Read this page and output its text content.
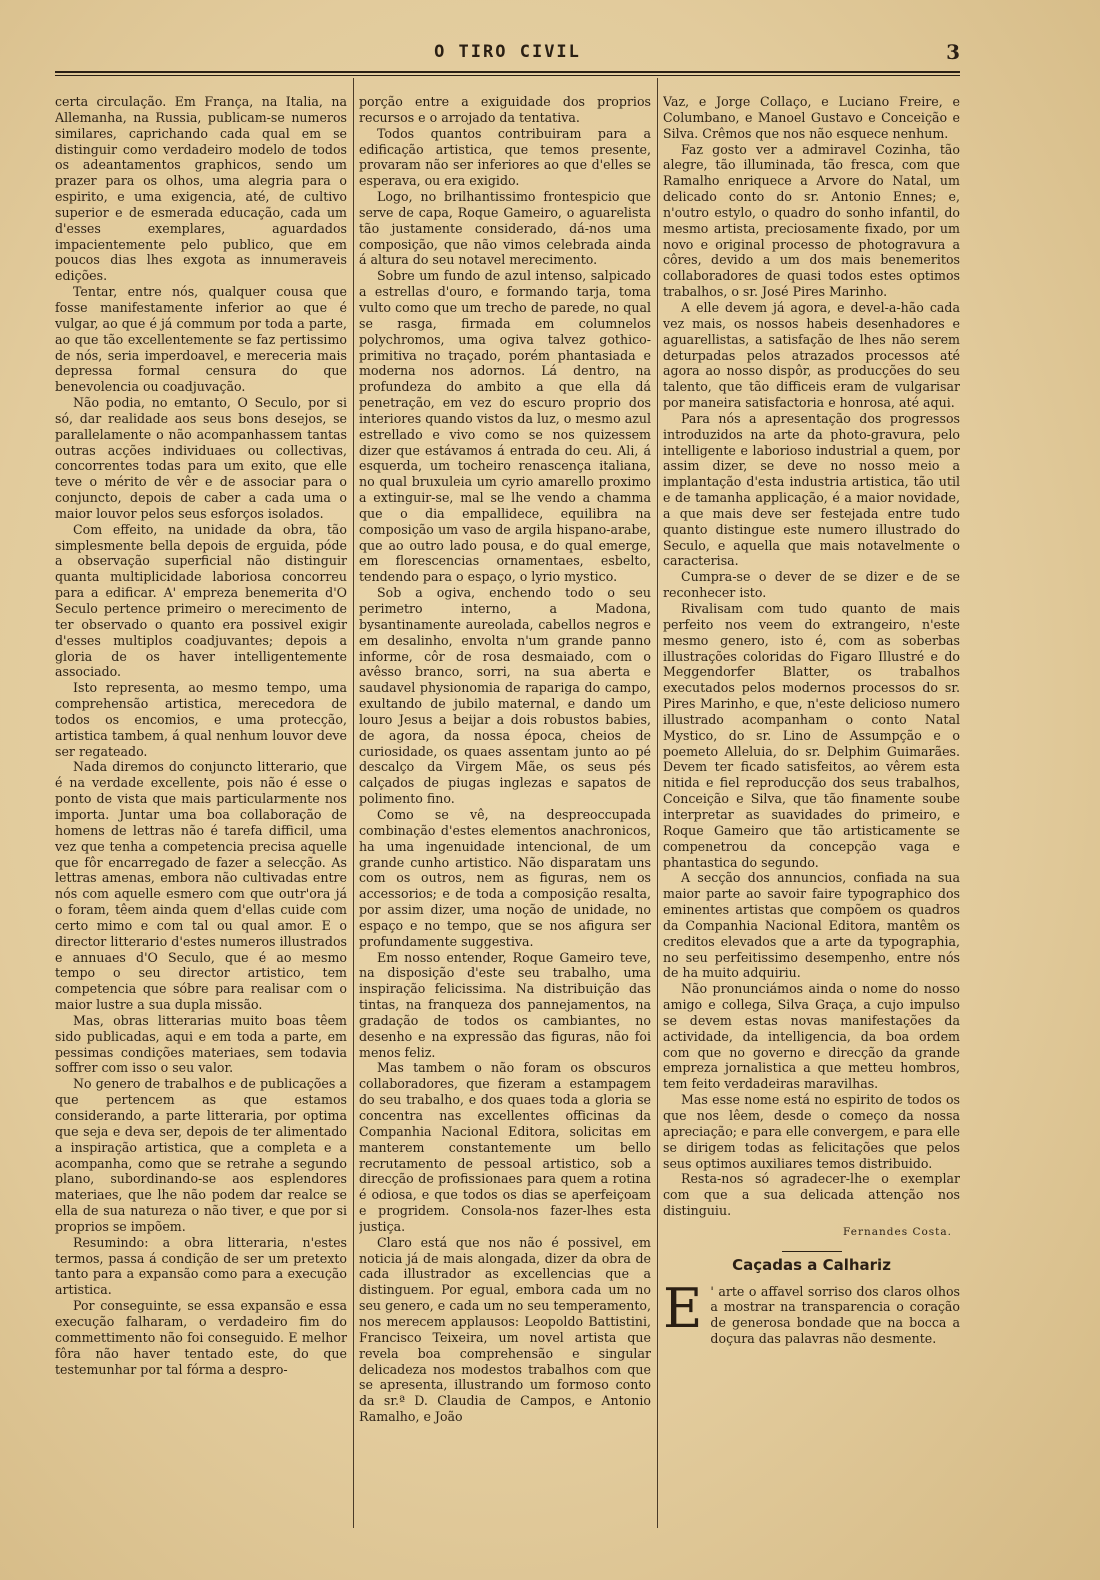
O TIRO CIVIL	3

certa circulação. Em França, na Italia, na Allemanha, na Russia, publicam-se numeros similares, caprichando cada qual em se distinguir como verdadeiro modelo de todos os adeantamentos graphicos, sendo um prazer para os olhos, uma alegria para o espirito, e uma exigencia, até, de cultivo superior e de esmerada educação, cada um d'esses exemplares, aguardados impacientemente pelo publico, que em poucos dias lhes exgota as innumeraveis edições.

Tentar, entre nós, qualquer cousa que fosse manifestamente inferior ao que é vulgar, ao que é já commum por toda a parte, ao que tão excellentemente se faz pertissimo de nós, seria imperdoavel, e mereceria mais depressa formal censura do que benevolencia ou coadjuvação.

Não podia, no emtanto, O Seculo, por si só, dar realidade aos seus bons desejos, se parallelamente o não acompanhassem tantas outras acções individuaes ou collectivas, concorrentes todas para um exito, que elle teve o mérito de vêr e de associar para o conjuncto, depois de caber a cada uma o maior louvor pelos seus esforços isolados.

Com effeito, na unidade da obra, tão simplesmente bella depois de erguida, póde a observação superficial não distinguir quanta multiplicidade laboriosa concorreu para a edificar. A' empreza benemerita d'O Seculo pertence primeiro o merecimento de ter observado o quanto era possivel exigir d'esses multiplos coadjuvantes; depois a gloria de os haver intelligentemente associado.

Isto representa, ao mesmo tempo, uma comprehensão artistica, merecedora de todos os encomios, e uma protecção, artistica tambem, á qual nenhum louvor deve ser regateado.

Nada diremos do conjuncto litterario, que é na verdade excellente, pois não é esse o ponto de vista que mais particularmente nos importa. Juntar uma boa collaboração de homens de lettras não é tarefa difficil, uma vez que tenha a competencia precisa aquelle que fôr encarregado de fazer a selecção. As lettras amenas, embora não cultivadas entre nós com aquelle esmero com que outr'ora já o foram, têem ainda quem d'ellas cuide com certo mimo e com tal ou qual amor. E o director litterario d'estes numeros illustrados e annuaes d'O Seculo, que é ao mesmo tempo o seu director artistico, tem competencia que sóbre para realisar com o maior lustre a sua dupla missão.

Mas, obras litterarias muito boas têem sido publicadas, aqui e em toda a parte, em pessimas condições materiaes, sem todavia soffrer com isso o seu valor.

No genero de trabalhos e de publicações a que pertencem as que estamos considerando, a parte litteraria, por optima que seja e deva ser, depois de ter alimentado a inspiração artistica, que a completa e a acompanha, como que se retrahe a segundo plano, subordinando-se aos esplendores materiaes, que lhe não podem dar realce se ella de sua natureza o não tiver, e que por si proprios se impõem.

Resumindo: a obra litteraria, n'estes termos, passa á condição de ser um pretexto tanto para a expansão como para a execução artistica.

Por conseguinte, se essa expansão e essa execução falharam, o verdadeiro fim do commettimento não foi conseguido. E melhor fôra não haver tentado este, do que testemunhar por tal fórma a despro-

porção entre a exiguidade dos proprios recursos e o arrojado da tentativa.

Todos quantos contribuiram para a edificação artistica, que temos presente, provaram não ser inferiores ao que d'elles se esperava, ou era exigido.

Logo, no brilhantissimo frontespicio que serve de capa, Roque Gameiro, o aguarelista tão justamente considerado, dá-nos uma composição, que não vimos celebrada ainda á altura do seu notavel merecimento.

Sobre um fundo de azul intenso, salpicado a estrellas d'ouro, e formando tarja, toma vulto como que um trecho de parede, no qual se rasga, firmada em columnelos polychromos, uma ogiva talvez gothico-primitiva no traçado, porém phantasiada e moderna nos adornos. Lá dentro, na profundeza do ambito a que ella dá penetração, em vez do escuro proprio dos interiores quando vistos da luz, o mesmo azul estrellado e vivo como se nos quizessem dizer que estávamos á entrada do ceu. Ali, á esquerda, um tocheiro renascença italiana, no qual bruxuleia um cyrio amarello proximo a extinguir-se, mal se lhe vendo a chamma que o dia empallidece, equilibra na composição um vaso de argila hispano-arabe, que ao outro lado pousa, e do qual emerge, em florescencias ornamentaes, esbelto, tendendo para o espaço, o lyrio mystico.

Sob a ogiva, enchendo todo o seu perimetro interno, a Madona, bysantinamente aureolada, cabellos negros e em desalinho, envolta n'um grande panno informe, côr de rosa desmaiado, com o avêsso branco, sorri, na sua aberta e saudavel physionomia de rapariga do campo, exultando de jubilo maternal, e dando um louro Jesus a beijar a dois robustos babies, de agora, da nossa época, cheios de curiosidade, os quaes assentam junto ao pé descalço da Virgem Mãe, os seus pés calçados de piugas inglezas e sapatos de polimento fino.

Como se vê, na despreoccupada combinação d'estes elementos anachronicos, ha uma ingenuidade intencional, de um grande cunho artistico. Não disparatam uns com os outros, nem as figuras, nem os accessorios; e de toda a composição resalta, por assim dizer, uma noção de unidade, no espaço e no tempo, que se nos afigura ser profundamente suggestiva.

Em nosso entender, Roque Gameiro teve, na disposição d'este seu trabalho, uma inspiração felicissima. Na distribuição das tintas, na franqueza dos pannejamentos, na gradação de todos os cambiantes, no desenho e na expressão das figuras, não foi menos feliz.

Mas tambem o não foram os obscuros collaboradores, que fizeram a estampagem do seu trabalho, e dos quaes toda a gloria se concentra nas excellentes officinas da Companhia Nacional Editora, solicitas em manterem constantemente um bello recrutamento de pessoal artistico, sob a direcção de profissionaes para quem a rotina é odiosa, e que todos os dias se aperfeiçoam e progridem. Consola-nos fazer-lhes esta justiça.

Claro está que nos não é possivel, em noticia já de mais alongada, dizer da obra de cada illustrador as excellencias que a distinguem. Por egual, embora cada um no seu genero, e cada um no seu temperamento, nos merecem applausos: Leopoldo Battistini, Francisco Teixeira, um novel artista que revela boa comprehensão e singular delicadeza nos modestos trabalhos com que se apresenta, illustrando um formoso conto da sr.ª D. Claudia de Campos, e Antonio Ramalho, e João

Vaz, e Jorge Collaço, e Luciano Freire, e Columbano, e Manoel Gustavo e Conceição e Silva. Crêmos que nos não esquece nenhum.

Faz gosto ver a admiravel Cozinha, tão alegre, tão illuminada, tão fresca, com que Ramalho enriquece a Arvore do Natal, um delicado conto do sr. Antonio Ennes; e, n'outro estylo, o quadro do sonho infantil, do mesmo artista, preciosamente fixado, por um novo e original processo de photogravura a côres, devido a um dos mais benemeritos collaboradores de quasi todos estes optimos trabalhos, o sr. José Pires Marinho.

A elle devem já agora, e devel-a-hão cada vez mais, os nossos habeis desenhadores e aguarellistas, a satisfação de lhes não serem deturpadas pelos atrazados processos até agora ao nosso dispôr, as producções do seu talento, que tão difficeis eram de vulgarisar por maneira satisfactoria e honrosa, até aqui.

Para nós a apresentação dos progressos introduzidos na arte da photo-gravura, pelo intelligente e laborioso industrial a quem, por assim dizer, se deve no nosso meio a implantação d'esta industria artistica, tão util e de tamanha applicação, é a maior novidade, a que mais deve ser festejada entre tudo quanto distingue este numero illustrado do Seculo, e aquella que mais notavelmente o caracterisa.

Cumpra-se o dever de se dizer e de se reconhecer isto.

Rivalisam com tudo quanto de mais perfeito nos veem do extrangeiro, n'este mesmo genero, isto é, com as soberbas illustrações coloridas do Figaro Illustré e do Meggendorfer Blatter, os trabalhos executados pelos modernos processos do sr. Pires Marinho, e que, n'este delicioso numero illustrado acompanham o conto Natal Mystico, do sr. Lino de Assumpção e o poemeto Alleluia, do sr. Delphim Guimarães. Devem ter ficado satisfeitos, ao vêrem esta nitida e fiel reproducção dos seus trabalhos, Conceição e Silva, que tão finamente soube interpretar as suavidades do primeiro, e Roque Gameiro que tão artisticamente se compenetrou da concepção vaga e phantastica do segundo.

A secção dos annuncios, confiada na sua maior parte ao savoir faire typographico dos eminentes artistas que compõem os quadros da Companhia Nacional Editora, mantêm os creditos elevados que a arte da typographia, no seu perfeitissimo desempenho, entre nós de ha muito adquiriu.

Não pronunciámos ainda o nome do nosso amigo e collega, Silva Graça, a cujo impulso se devem estas novas manifestações da actividade, da intelligencia, da boa ordem com que no governo e direcção da grande empreza jornalistica a que metteu hombros, tem feito verdadeiras maravilhas.

Mas esse nome está no espirito de todos os que nos lêem, desde o começo da nossa apreciação; e para elle convergem, e para elle se dirigem todas as felicitações que pelos seus optimos auxiliares temos distribuido.

Resta-nos só agradecer-lhe o exemplar com que a sua delicada attenção nos distinguiu.

Fernandes Costa.
Caçadas a Calhariz

E ' arte o affavel sorriso dos claros olhos a mostrar na transparencia o coração de generosa bondade que na bocca a doçura das palavras não desmente.
